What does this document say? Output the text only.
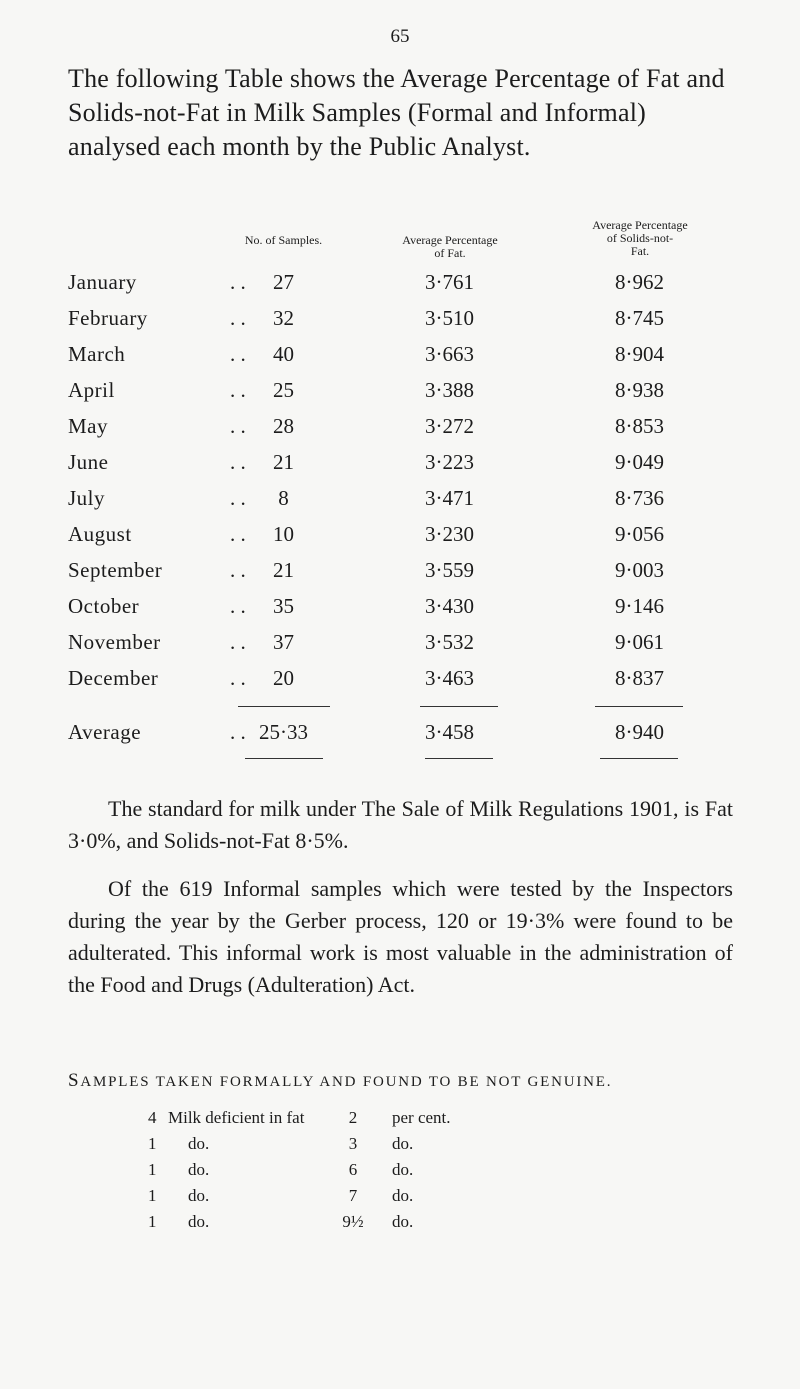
65
The following Table shows the Average Percentage of Fat and Solids-not-Fat in Milk Samples (Formal and Informal) analysed each month by the Public Analyst.
No. of Samples.	Average Percentage
of Fat.
Average Percentage
of Solids-not-
Fat.
January	. .	27	3·761	8·962
February	. .	32	3·510	8·745
March	. .	40	3·663	8·904
April	. .	25	3·388	8·938
May	. .	28	3·272	8·853
June	. .	21	3·223	9·049
July	. .	8	3·471	8·736
August	. .	10	3·230	9·056
September	. .	21	3·559	9·003
October	. .	35	3·430	9·146
November	. .	37	3·532	9·061
December	. .	20	3·463	8·837
Average	. . 25·33	3·458	8·940
The standard for milk under The Sale of Milk Regulations 1901, is Fat 3·0%, and Solids-not-Fat 8·5%.
Of the 619 Informal samples which were tested by the Inspectors during the year by the Gerber process, 120 or 19·3% were found to be adulterated. This informal work is most valuable in the administration of the Food and Drugs (Adulteration) Act.
SAMPLES TAKEN FORMALLY AND FOUND TO BE NOT GENUINE.
4 Milk deficient in fat	2	per cent.
1 do.	3	do.
1 do.	6	do.
1 do.	7	do.
1 do.	9½ do.
